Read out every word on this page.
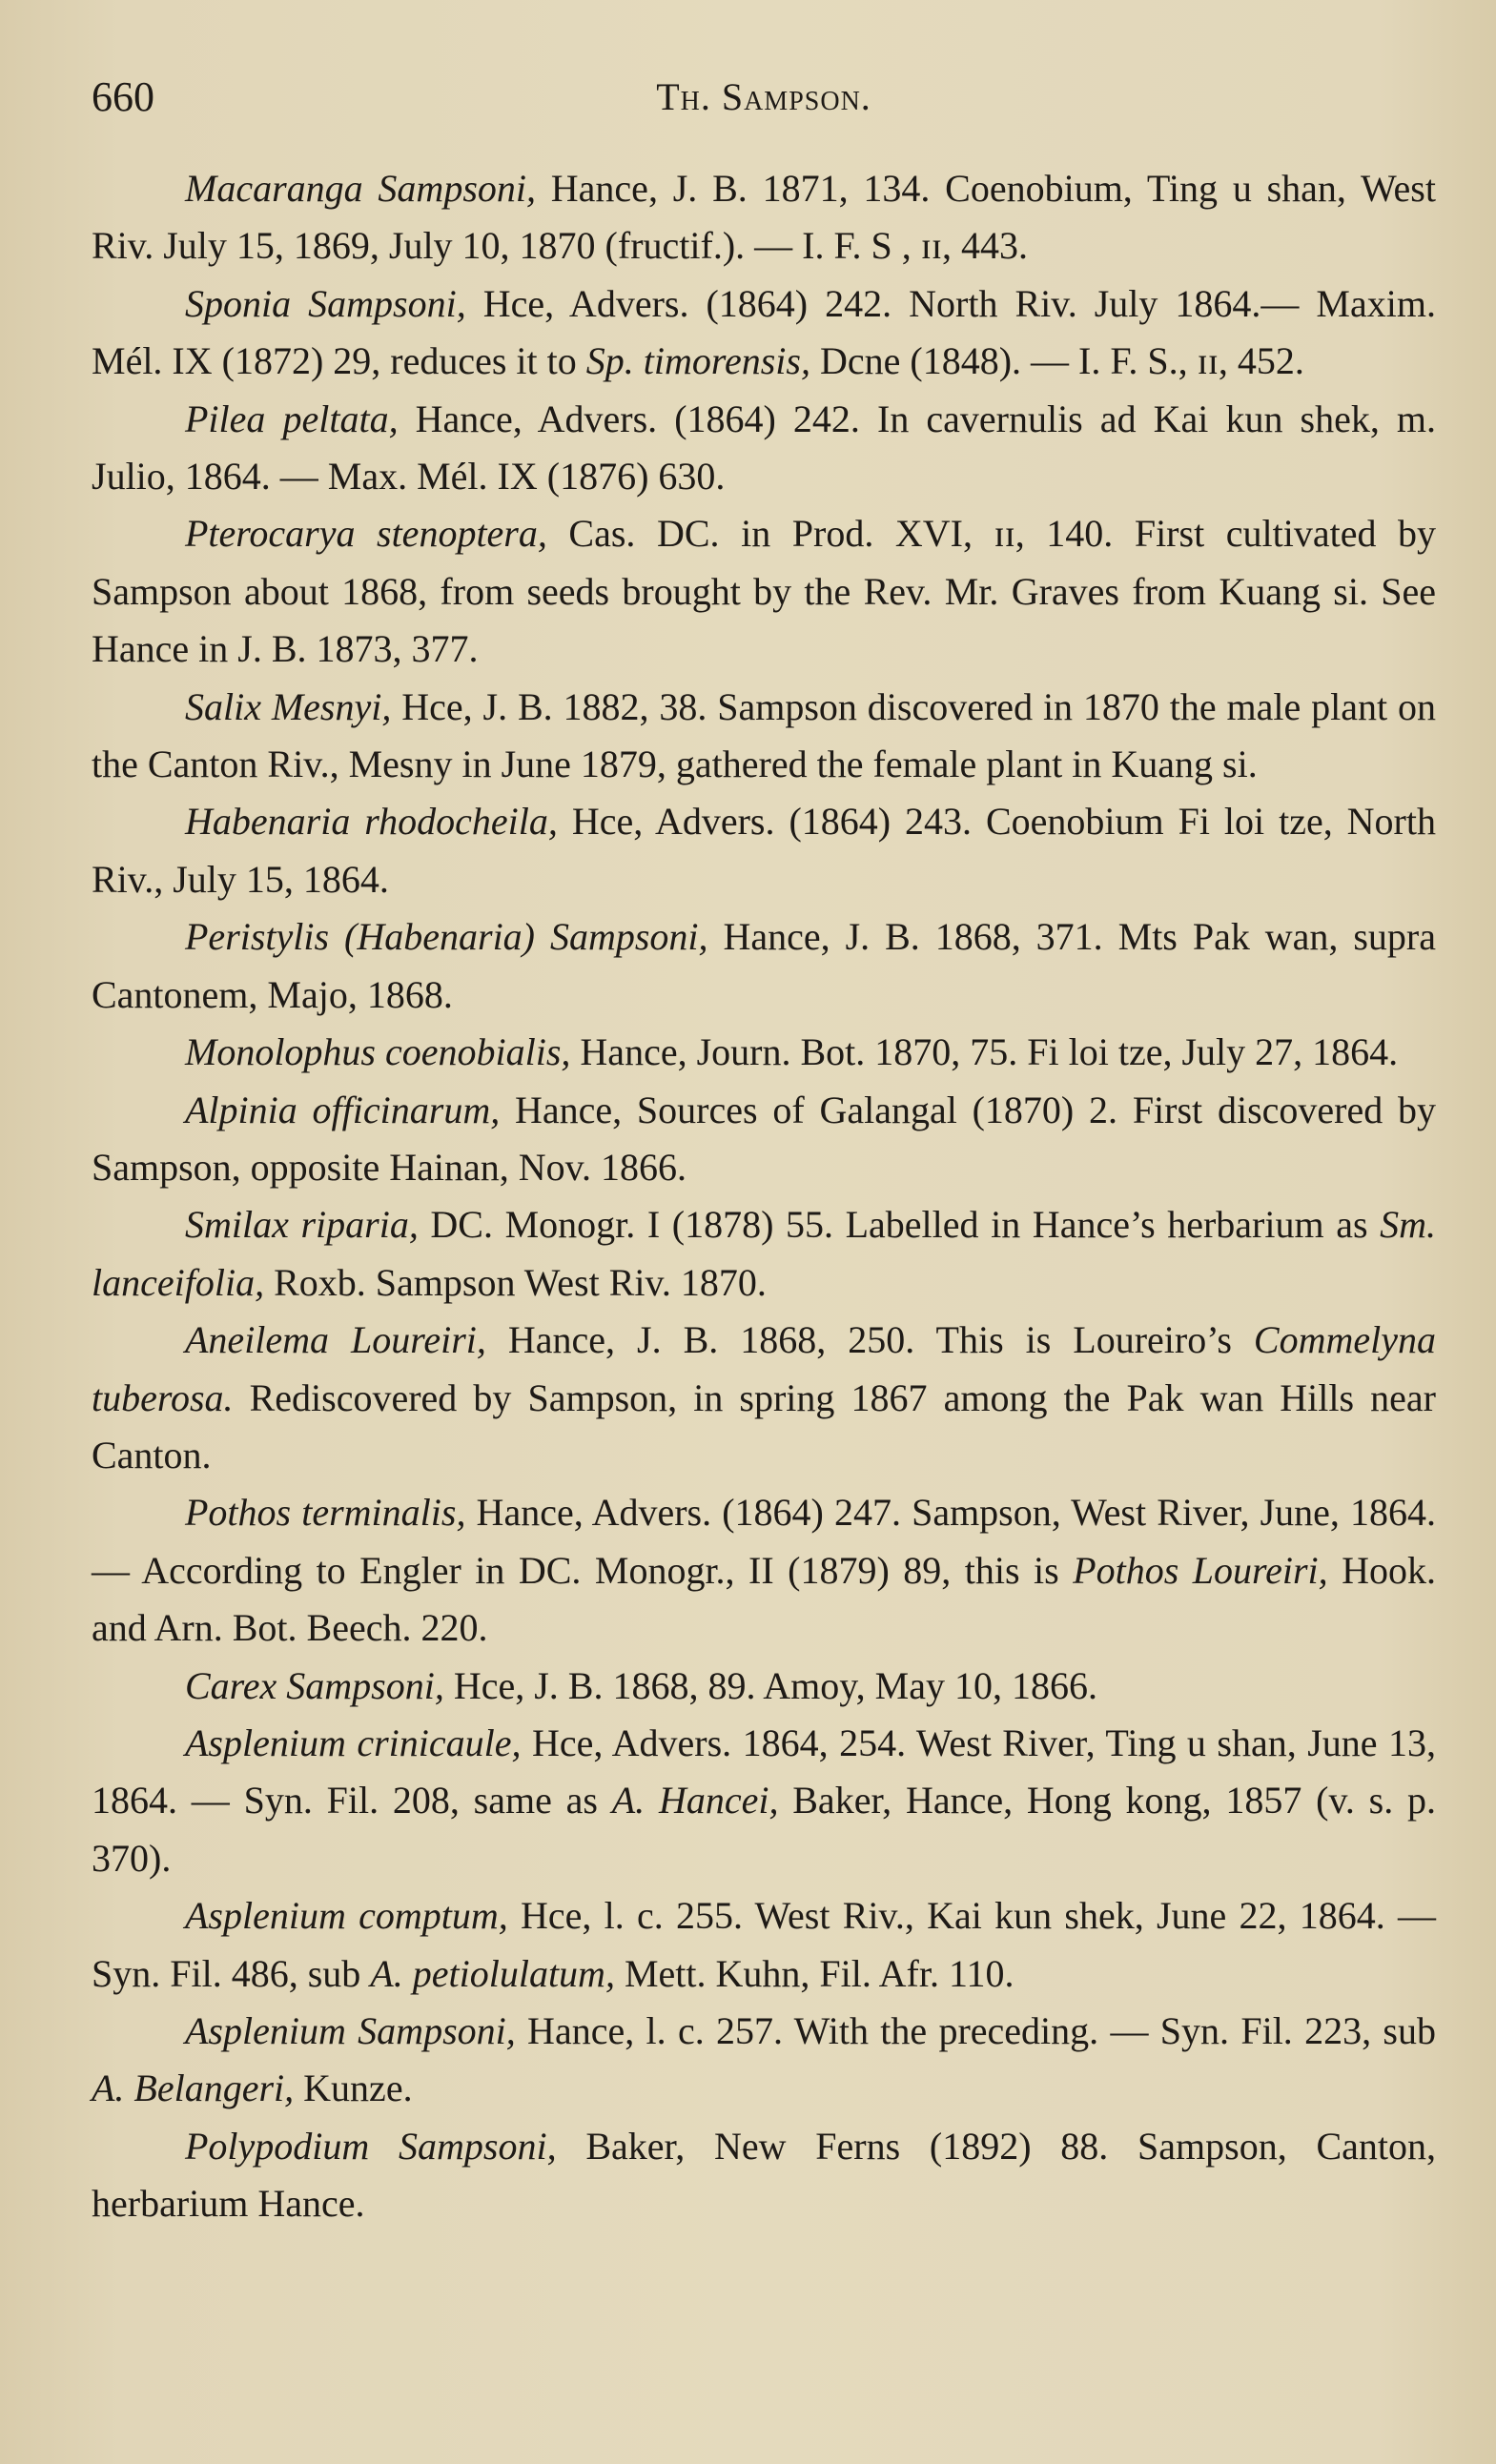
660	Th. Sampson.

Macaranga Sampsoni, Hance, J. B. 1871, 134. Coenobium, Ting u shan, West Riv. July 15, 1869, July 10, 1870 (fructif.). — I. F. S , ɪɪ, 443.

Sponia Sampsoni, Hce, Advers. (1864) 242. North Riv. July 1864.— Maxim. Mél. IX (1872) 29, reduces it to Sp. timorensis, Dcne (1848). — I. F. S., ɪɪ, 452.

Pilea peltata, Hance, Advers. (1864) 242. In cavernulis ad Kai kun shek, m. Julio, 1864. — Max. Mél. IX (1876) 630.

Pterocarya stenoptera, Cas. DC. in Prod. XVI, ɪɪ, 140. First cultivated by Sampson about 1868, from seeds brought by the Rev. Mr. Graves from Kuang si. See Hance in J. B. 1873, 377.

Salix Mesnyi, Hce, J. B. 1882, 38. Sampson discovered in 1870 the male plant on the Canton Riv., Mesny in June 1879, gathered the female plant in Kuang si.

Habenaria rhodocheila, Hce, Advers. (1864) 243. Coenobium Fi loi tze, North Riv., July 15, 1864.

Peristylis (Habenaria) Sampsoni, Hance, J. B. 1868, 371. Mts Pak wan, supra Cantonem, Majo, 1868.

Monolophus coenobialis, Hance, Journ. Bot. 1870, 75. Fi loi tze, July 27, 1864.

Alpinia officinarum, Hance, Sources of Galangal (1870) 2. First discovered by Sampson, opposite Hainan, Nov. 1866.

Smilax riparia, DC. Monogr. I (1878) 55. Labelled in Hance’s herbarium as Sm. lanceifolia, Roxb. Sampson West Riv. 1870.

Aneilema Loureiri, Hance, J. B. 1868, 250. This is Loureiro’s Commelyna tuberosa. Rediscovered by Sampson, in spring 1867 among the Pak wan Hills near Canton.

Pothos terminalis, Hance, Advers. (1864) 247. Sampson, West River, June, 1864. — According to Engler in DC. Monogr., II (1879) 89, this is Pothos Loureiri, Hook. and Arn. Bot. Beech. 220.

Carex Sampsoni, Hce, J. B. 1868, 89. Amoy, May 10, 1866.

Asplenium crinicaule, Hce, Advers. 1864, 254. West River, Ting u shan, June 13, 1864. — Syn. Fil. 208, same as A. Hancei, Baker, Hance, Hong kong, 1857 (v. s. p. 370).

Asplenium comptum, Hce, l. c. 255. West Riv., Kai kun shek, June 22, 1864. — Syn. Fil. 486, sub A. petiolulatum, Mett. Kuhn, Fil. Afr. 110.

Asplenium Sampsoni, Hance, l. c. 257. With the preceding. — Syn. Fil. 223, sub A. Belangeri, Kunze.

Polypodium Sampsoni, Baker, New Ferns (1892) 88. Sampson, Canton, herbarium Hance.
